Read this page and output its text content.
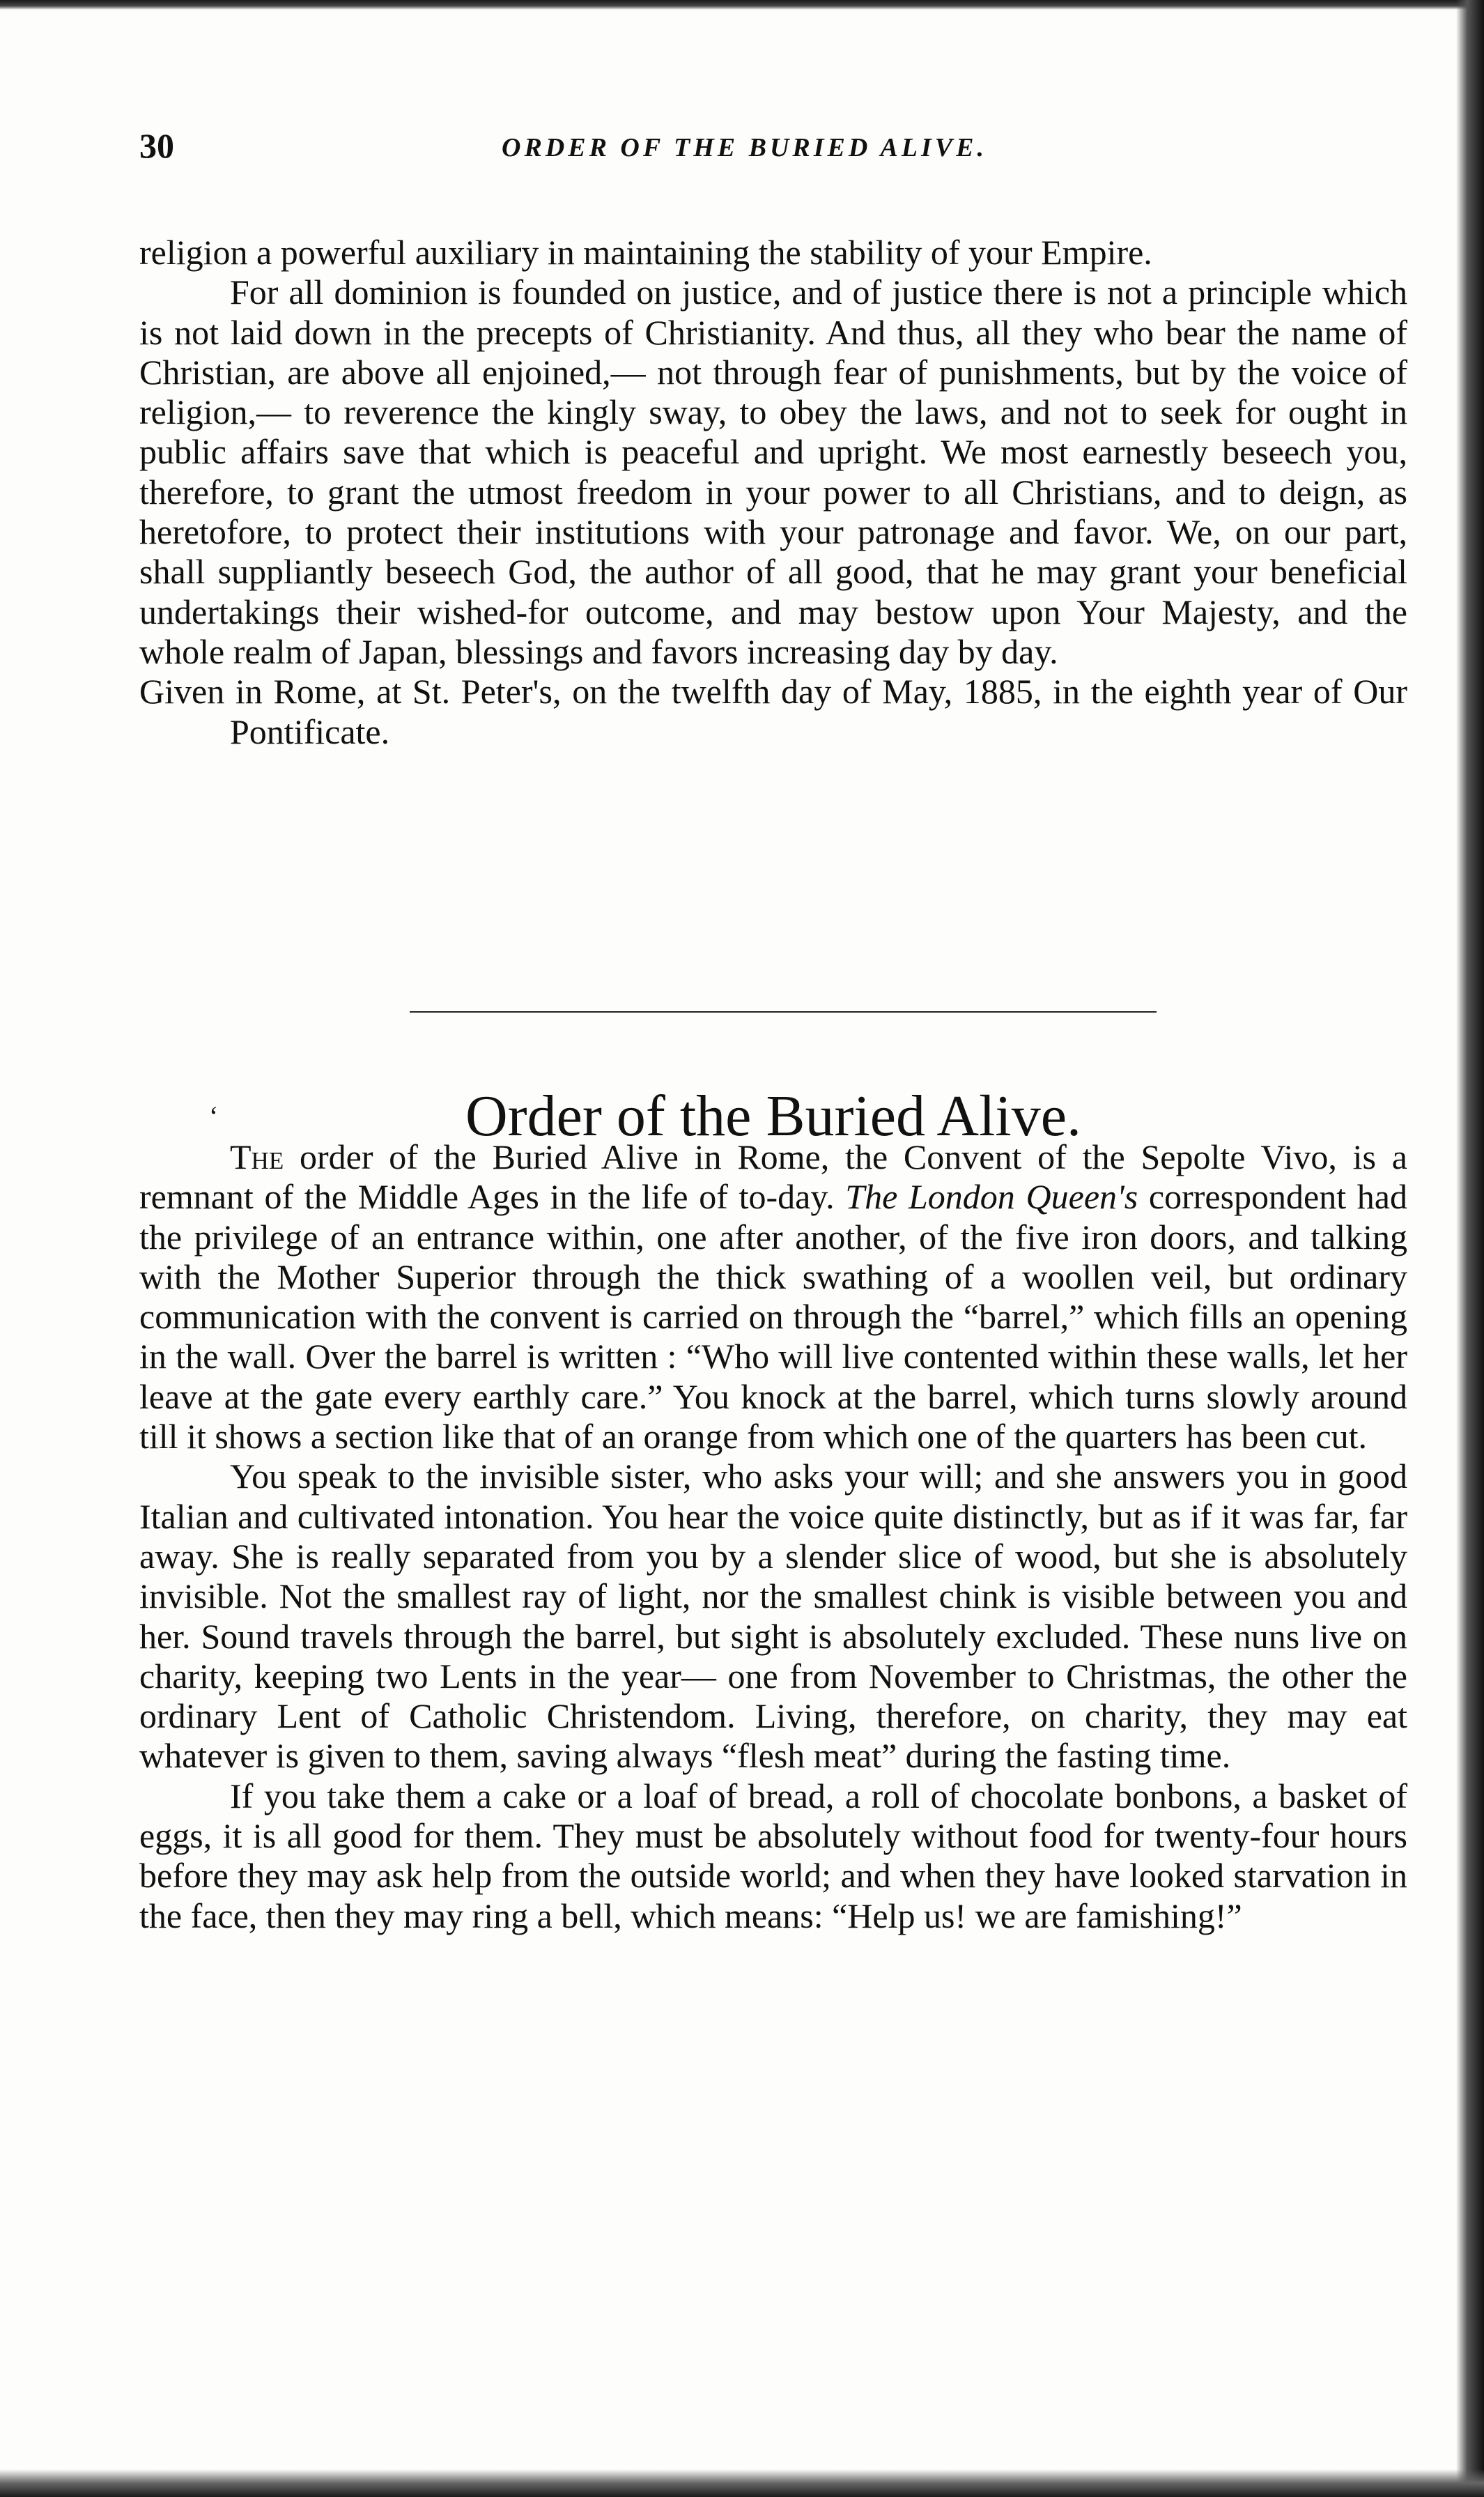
30	ORDER OF THE BURIED ALIVE.

religion a powerful auxiliary in maintaining the stability of your Empire.

For all dominion is founded on justice, and of justice there is not a principle which is not laid down in the precepts of Christianity. And thus, all they who bear the name of Christian, are above all enjoined,— not through fear of punishments, but by the voice of religion,— to reverence the kingly sway, to obey the laws, and not to seek for ought in public affairs save that which is peaceful and upright. We most earnestly beseech you, therefore, to grant the utmost freedom in your power to all Christians, and to deign, as heretofore, to protect their institutions with your patronage and favor. We, on our part, shall suppliantly beseech God, the author of all good, that he may grant your beneficial undertakings their wished-for outcome, and may bestow upon Your Majesty, and the whole realm of Japan, blessings and favors increasing day by day.

Given in Rome, at St. Peter's, on the twelfth day of May, 1885, in the eighth year of Our Pontificate.

‘	Order of the Buried Alive.

The order of the Buried Alive in Rome, the Convent of the Sepolte Vivo, is a remnant of the Middle Ages in the life of to-day. The London Queen's correspondent had the privilege of an entrance within, one after another, of the five iron doors, and talking with the Mother Superior through the thick swathing of a woollen veil, but ordinary communication with the convent is carried on through the “barrel,” which fills an opening in the wall. Over the barrel is written : “Who will live contented within these walls, let her leave at the gate every earthly care.” You knock at the barrel, which turns slowly around till it shows a section like that of an orange from which one of the quarters has been cut.

You speak to the invisible sister, who asks your will; and she answers you in good Italian and cultivated intonation. You hear the voice quite distinctly, but as if it was far, far away. She is really separated from you by a slender slice of wood, but she is absolutely invisible. Not the smallest ray of light, nor the smallest chink is visible between you and her. Sound travels through the barrel, but sight is absolutely excluded. These nuns live on charity, keeping two Lents in the year— one from November to Christmas, the other the ordinary Lent of Catholic Christendom. Living, therefore, on charity, they may eat whatever is given to them, saving always “flesh meat” during the fasting time.

If you take them a cake or a loaf of bread, a roll of chocolate bonbons, a basket of eggs, it is all good for them. They must be absolutely without food for twenty-four hours before they may ask help from the outside world; and when they have looked starvation in the face, then they may ring a bell, which means: “Help us! we are famishing!”
